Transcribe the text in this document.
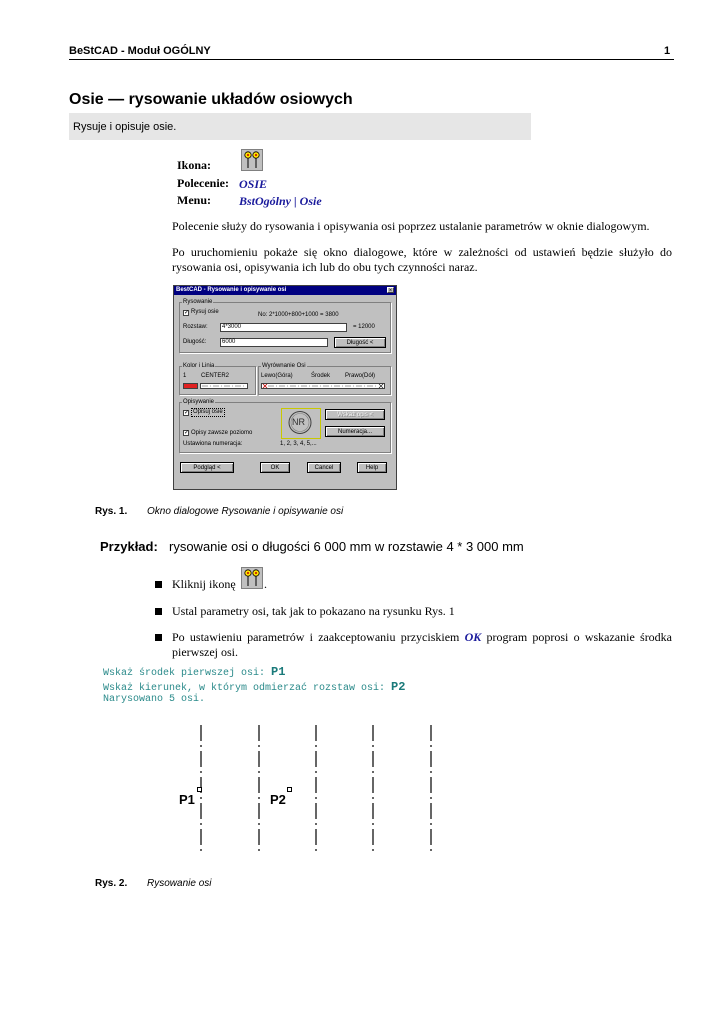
BeStCAD - Moduł OGÓLNY	1
Osie — rysowanie układów osiowych
Rysuje i opisuje osie.
Ikona:
Polecenie: OSIE
Menu: BstOgólny | Osie
Polecenie służy do rysowania i opisywania osi poprzez ustalanie parametrów w oknie dialogowym.
Po uruchomieniu pokaże się okno dialogowe, które w zależności od ustawień będzie służyło do rysowania osi, opisywania ich lub do obu tych czynności naraz.
BestCAD - Rysowanie i opisywanie osi	×
Rysowanie
✓ Rysuj osie	No: 2*1000+800+1000 = 3800
Rozstaw:	4*3000	= 12000
Długość:	6000	Długość <
Kolor i Linia
1 CENTER2
Wyrównanie Osi
Lewo(Góra)	Środek Prawo(Dół)
Opisywanie
✓ Opisuj osie
✓ Opisy zawsze poziomo
Ustawiona numeracja:	1, 2, 3, 4, 5,...
NR
Wskaż opis <
Numeracja...
Podgląd <	OK	Cancel	Help
Rys. 1. Okno dialogowe Rysowanie i opisywanie osi
Przykład: rysowanie osi o długości 6 000 mm w rozstawie 4 * 3 000 mm
Kliknij ikonę .
Ustal parametry osi, tak jak to pokazano na rysunku Rys. 1
Po ustawieniu parametrów i zaakceptowaniu przyciskiem OK program poprosi o wskazanie środka pierwszej osi.
Wskaż środek pierwszej osi: P1
Wskaż kierunek, w którym odmierzać rozstaw osi: P2
Narysowano 5 osi.
P1	P2
Rys. 2. Rysowanie osi
